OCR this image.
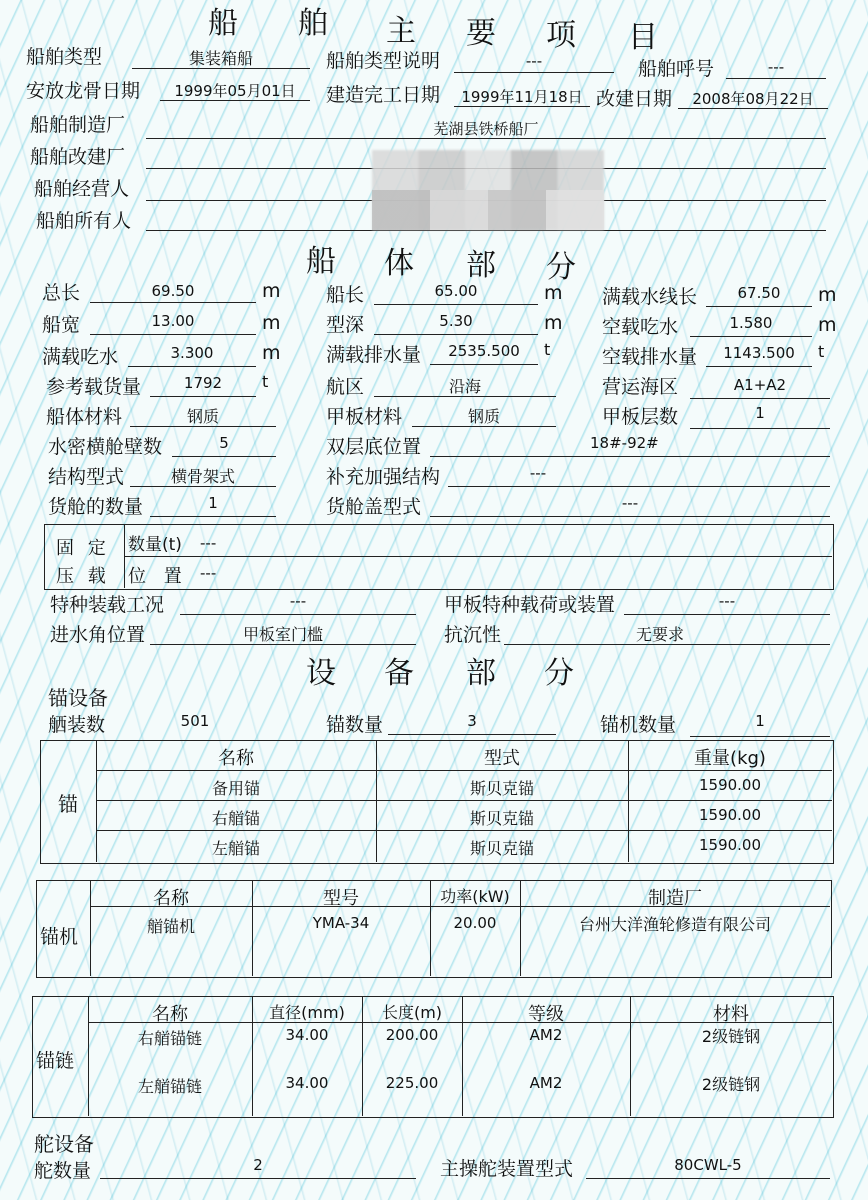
船 舶 主 要 项 目
船舶类型	集装箱船	船舶类型说明	---	船舶呼号	---
安放龙骨日期	1999年05月01日	建造完工日期	1999年11月18日 改建日期	2008年08月22日
船舶制造厂	芜湖县铁桥船厂
船舶改建厂
船舶经营人
船舶所有人
船 体 部 分
总长	69.50	m 船长	65.00	m 满载水线长	67.50	m
船宽	13.00	m 型深	5.30	m 空载吃水	1.580	m
满载吃水	3.300	m 满载排水量	2535.500	t	空载排水量	1143.500	t
参考载货量	1792	t	航区	沿海	营运海区	A1+A2
船体材料	钢质	甲板材料	钢质	甲板层数	1
水密横舱壁数	5	双层底位置	18#-92#
结构型式	横骨架式	补充加强结构	---
货舱的数量	1	货舱盖型式	---
固 定
压 载
数量(t) ---
位 置 ---
特种装载工况	---	甲板特种载荷或装置	---
进水角位置	甲板室门槛	抗沉性	无要求
设 备 部 分
锚设备
舾装数	501	锚数量	3	锚机数量	1
锚
名称	型式	重量(kg)
备用锚	斯贝克锚	1590.00
右艏锚	斯贝克锚	1590.00
左艏锚	斯贝克锚	1590.00
锚机
名称	型号	功率(kW)	制造厂
艏锚机	YMA-34	20.00	台州大洋渔轮修造有限公司
锚链
名称	直径(mm)	长度(m)	等级	材料
右艏锚链	34.00	200.00	AM2	2级链钢
左艏锚链	34.00	225.00	AM2	2级链钢
舵设备
舵数量	2	主操舵装置型式	80CWL-5
